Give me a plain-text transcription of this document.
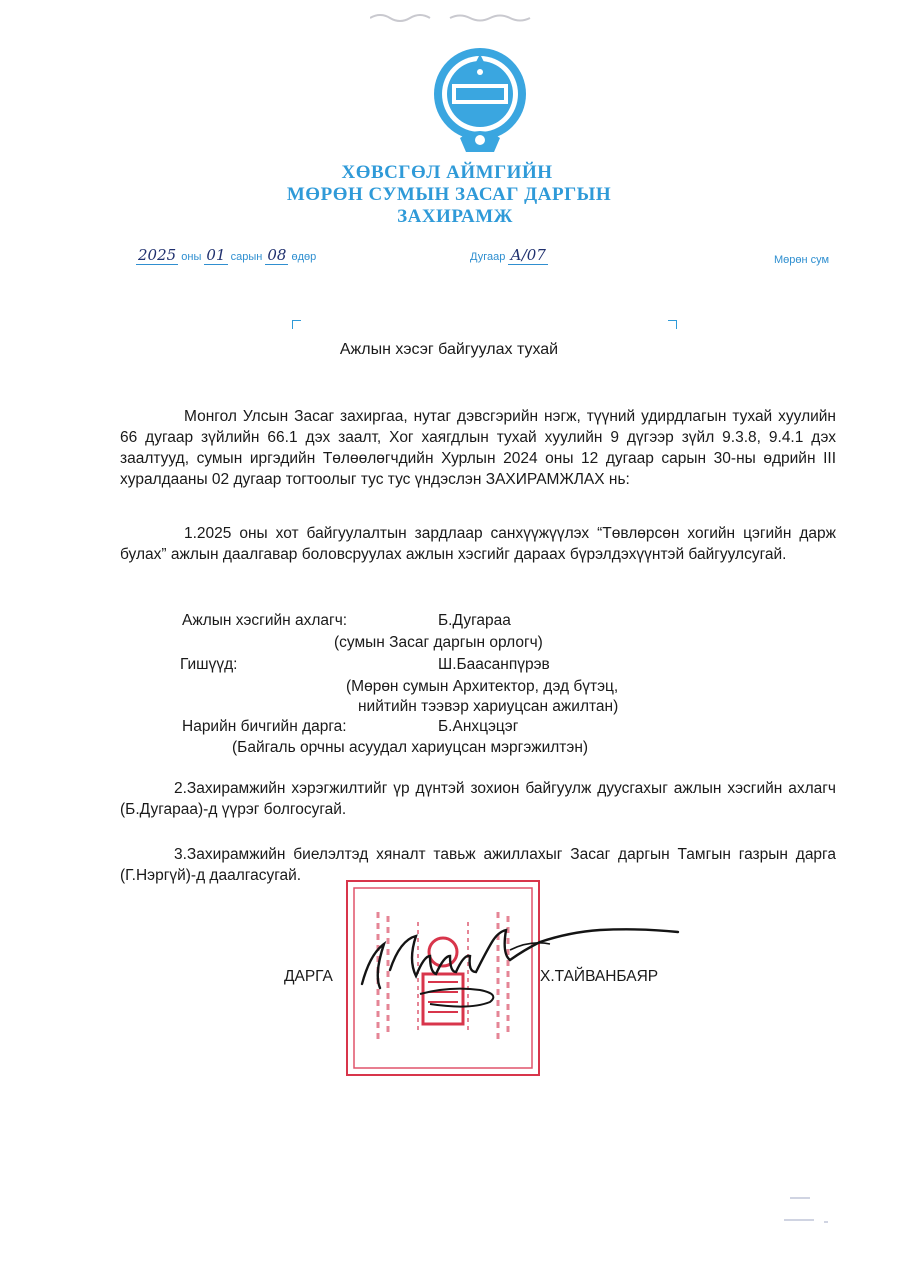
ХӨВСГӨЛ АЙМГИЙН
МӨРӨН СУМЫН ЗАСАГ ДАРГЫН
ЗАХИРАМЖ
2025 оны 01 сарын 08 өдөр	Дугаар А/07	Мөрөн сум
Ажлын хэсэг байгуулах тухай

Монгол Улсын Засаг захиргаа, нутаг дэвсгэрийн нэгж, түүний удирдлагын тухай хуулийн 66 дугаар зүйлийн 66.1 дэх заалт, Хог хаягдлын тухай хуулийн 9 дүгээр зүйл 9.3.8, 9.4.1 дэх заалтууд, сумын иргэдийн Төлөөлөгчдийн Хурлын 2024 оны 12 дугаар сарын 30-ны өдрийн III хуралдааны 02 дугаар тогтоолыг тус тус үндэслэн ЗАХИРАМЖЛАХ нь:

1.2025 оны хот байгуулалтын зардлаар санхүүжүүлэх “Төвлөрсөн хогийн цэгийн дарж булах” ажлын даалгавар боловсруулах ажлын хэсгийг дараах бүрэлдэхүүнтэй байгуулсугай.

Ажлын хэсгийн ахлагч:	Б.Дугараа
(сумын Засаг даргын орлогч)
Гишүүд:	Ш.Баасанпүрэв
(Мөрөн сумын Архитектор, дэд бүтэц,
нийтийн тээвэр хариуцсан ажилтан)
Нарийн бичгийн дарга:	Б.Анхцэцэг
(Байгаль орчны асуудал хариуцсан мэргэжилтэн)

2.Захирамжийн хэрэгжилтийг үр дүнтэй зохион байгуулж дуусгахыг ажлын хэсгийн ахлагч (Б.Дугараа)-д үүрэг болгосугай.

3.Захирамжийн биелэлтэд хяналт тавьж ажиллахыг Засаг даргын Тамгын газрын дарга (Г.Нэргүй)-д даалгасугай.

ДАРГА	Х.ТАЙВАНБАЯР
